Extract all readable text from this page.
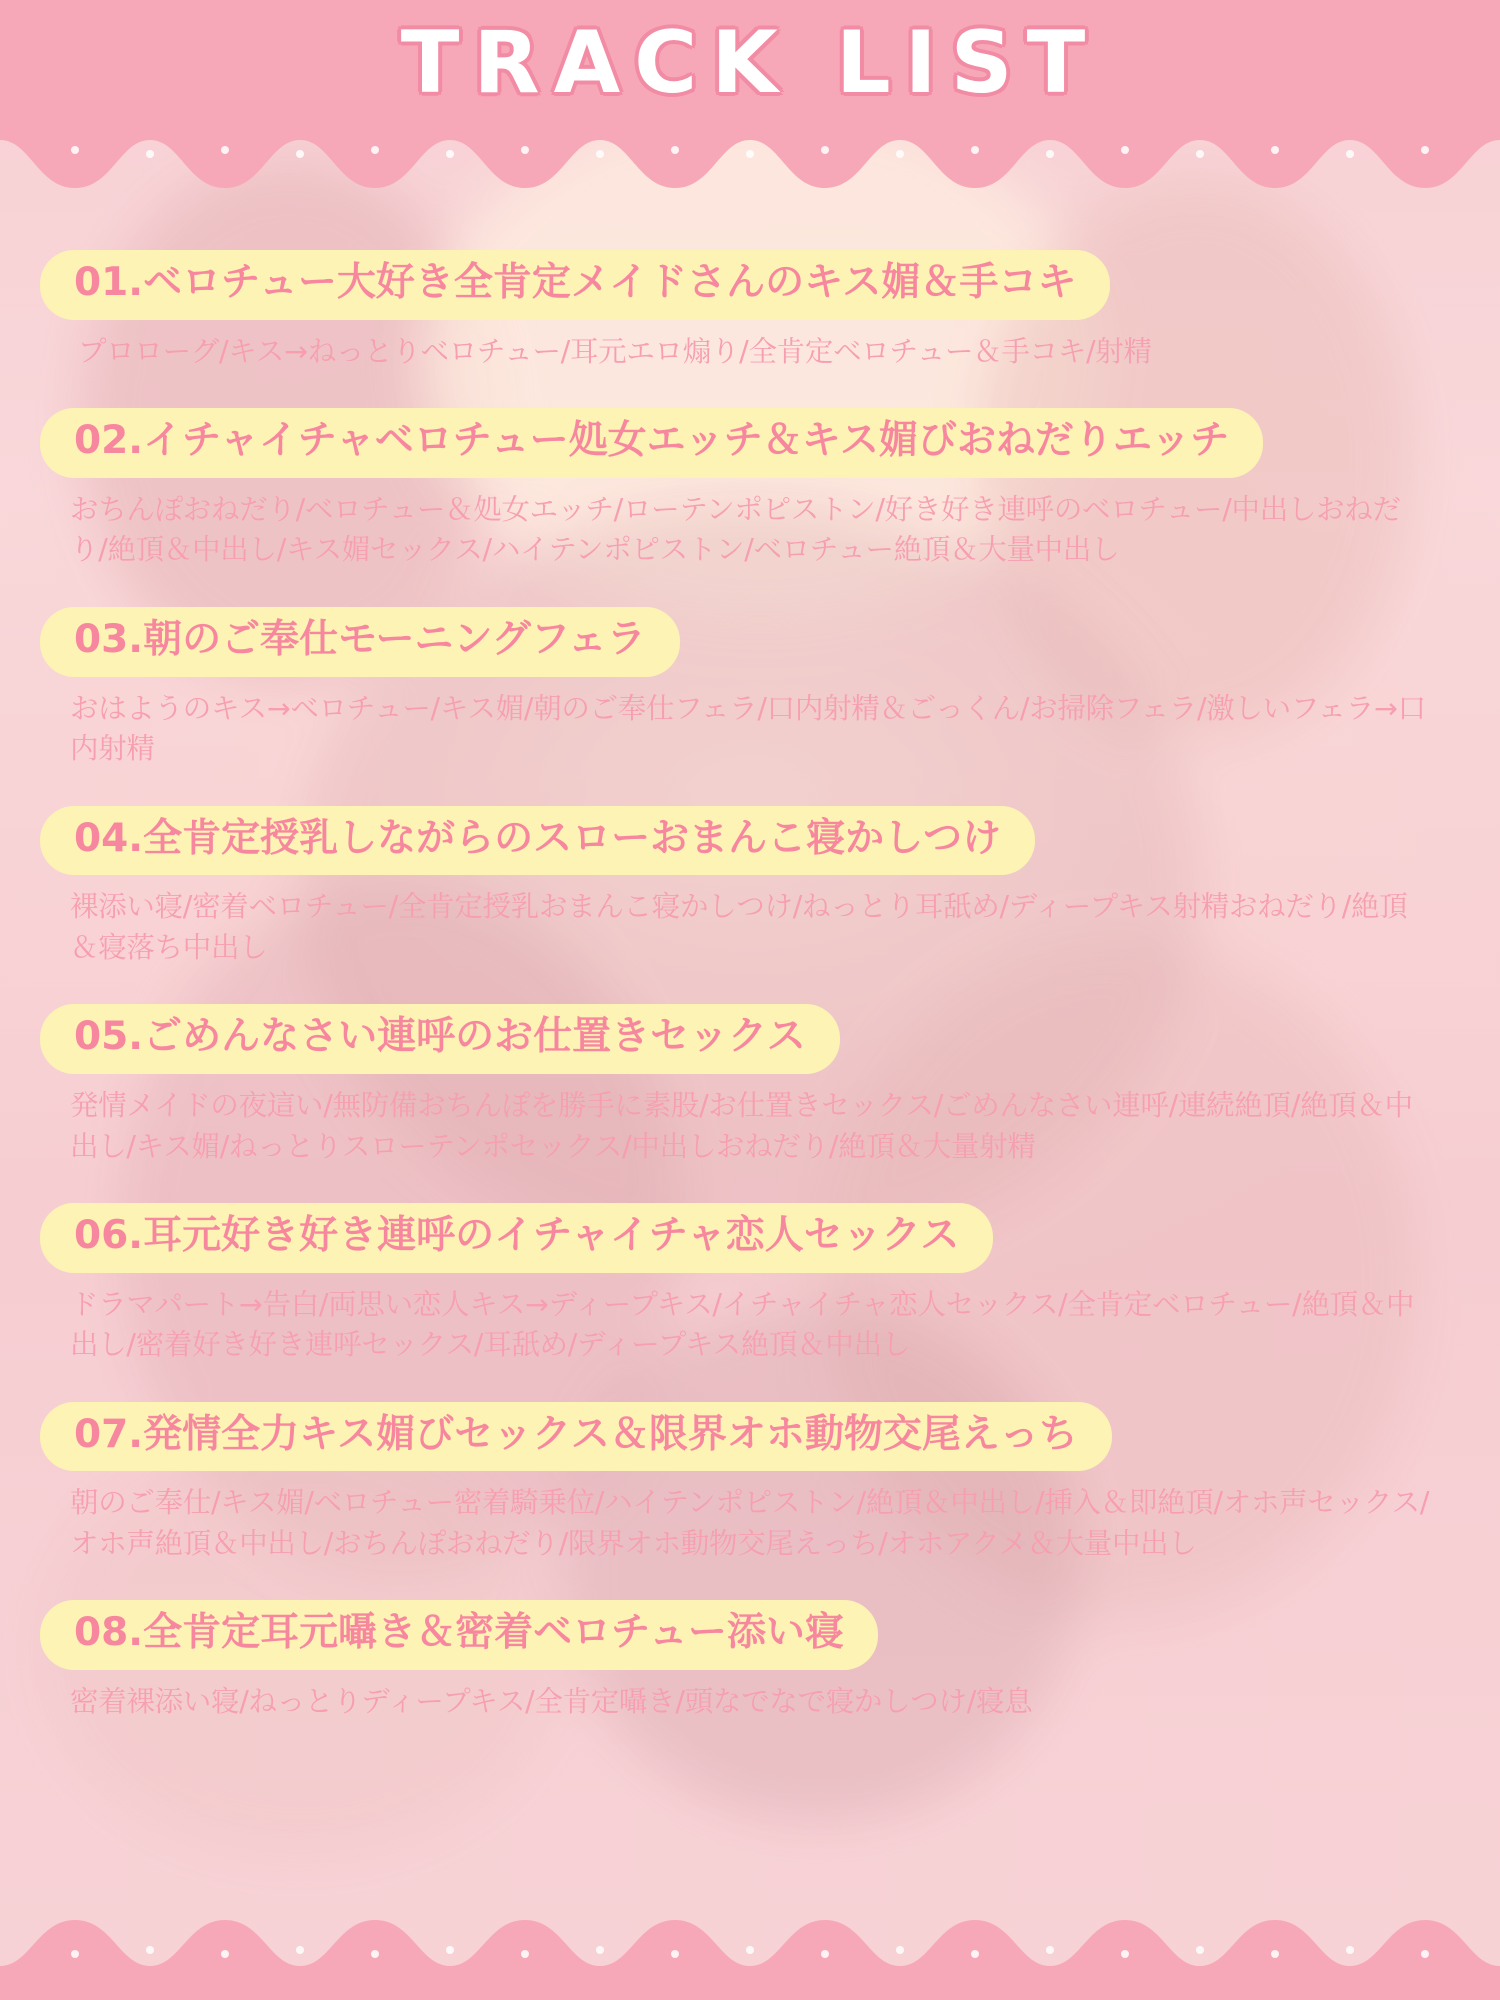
TRACK LIST
01.ベロチュー大好き全肯定メイドさんのキス媚＆手コキ
プロローグ/キス→ねっとりベロチュー/耳元エロ煽り/全肯定ベロチュー＆手コキ/射精
02.イチャイチャベロチュー処女エッチ＆キス媚びおねだりエッチ
おちんぽおねだり/ベロチュー＆処女エッチ/ローテンポピストン/好き好き連呼のベロチュー/中出しおねだり/絶頂＆中出し/キス媚セックス/ハイテンポピストン/ベロチュー絶頂＆大量中出し
03.朝のご奉仕モーニングフェラ
おはようのキス→ベロチュー/キス媚/朝のご奉仕フェラ/口内射精＆ごっくん/お掃除フェラ/激しいフェラ→口内射精
04.全肯定授乳しながらのスローおまんこ寝かしつけ
裸添い寝/密着ベロチュー/全肯定授乳おまんこ寝かしつけ/ねっとり耳舐め/ディープキス射精おねだり/絶頂＆寝落ち中出し
05.ごめんなさい連呼のお仕置きセックス
発情メイドの夜這い/無防備おちんぽを勝手に素股/お仕置きセックス/ごめんなさい連呼/連続絶頂/絶頂＆中出し/キス媚/ねっとりスローテンポセックス/中出しおねだり/絶頂＆大量射精
06.耳元好き好き連呼のイチャイチャ恋人セックス
ドラマパート→告白/両思い恋人キス→ディープキス/イチャイチャ恋人セックス/全肯定ベロチュー/絶頂＆中出し/密着好き好き連呼セックス/耳舐め/ディープキス絶頂＆中出し
07.発情全力キス媚びセックス＆限界オホ動物交尾えっち
朝のご奉仕/キス媚/ベロチュー密着騎乗位/ハイテンポピストン/絶頂＆中出し/挿入＆即絶頂/オホ声セックス/オホ声絶頂＆中出し/おちんぽおねだり/限界オホ動物交尾えっち/オホアクメ＆大量中出し
08.全肯定耳元囁き＆密着ベロチュー添い寝
密着裸添い寝/ねっとりディープキス/全肯定囁き/頭なでなで寝かしつけ/寝息
